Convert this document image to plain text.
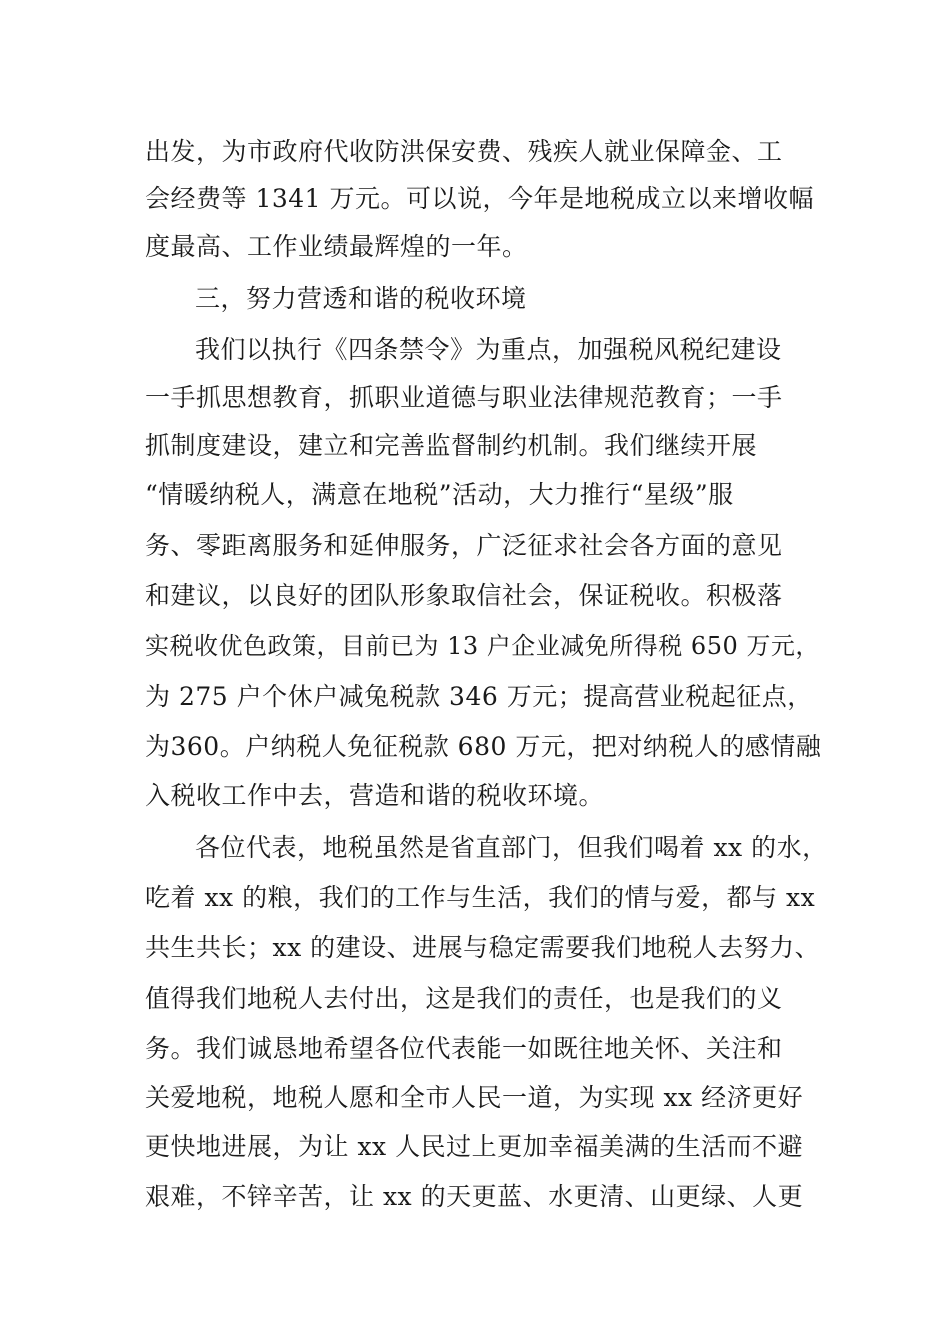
出发，为市政府代收防洪保安费、残疾人就业保障金、工
会经费等 1341 万元。可以说，今年是地税成立以来增收幅
度最高、工作业绩最辉煌的一年。
三，努力营透和谐的税收环境
我们以执行《四条禁令》为重点，加强税风税纪建设
一手抓思想教育，抓职业道德与职业法律规范教育；一手
抓制度建设，建立和完善监督制约机制。我们继续开展
“情暖纳税人，满意在地税”活动，大力推行“星级”服
务、零距离服务和延伸服务，广泛征求社会各方面的意见
和建议，以良好的团队形象取信社会，保证税收。积极落
实税收优色政策，目前已为 13 户企业减免所得税 650 万元，
为 275 户个休户减兔税款 346 万元；提高营业税起征点，
为360。户纳税人免征税款 680 万元，把对纳税人的感情融
入税收工作中去，营造和谐的税收环境。
各位代表，地税虽然是省直部门，但我们喝着 xx 的水，
吃着 xx 的粮，我们的工作与生活，我们的情与爱，都与 xx
共生共长；xx 的建设、进展与稳定需要我们地税人去努力、
值得我们地税人去付出，这是我们的责任，也是我们的义
务。我们诚恳地希望各位代表能一如既往地关怀、关注和
关爱地税，地税人愿和全市人民一道，为实现 xx 经济更好
更快地进展，为让 xx 人民过上更加幸福美满的生活而不避
艰难，不锌辛苦，让 xx 的天更蓝、水更清、山更绿、人更
